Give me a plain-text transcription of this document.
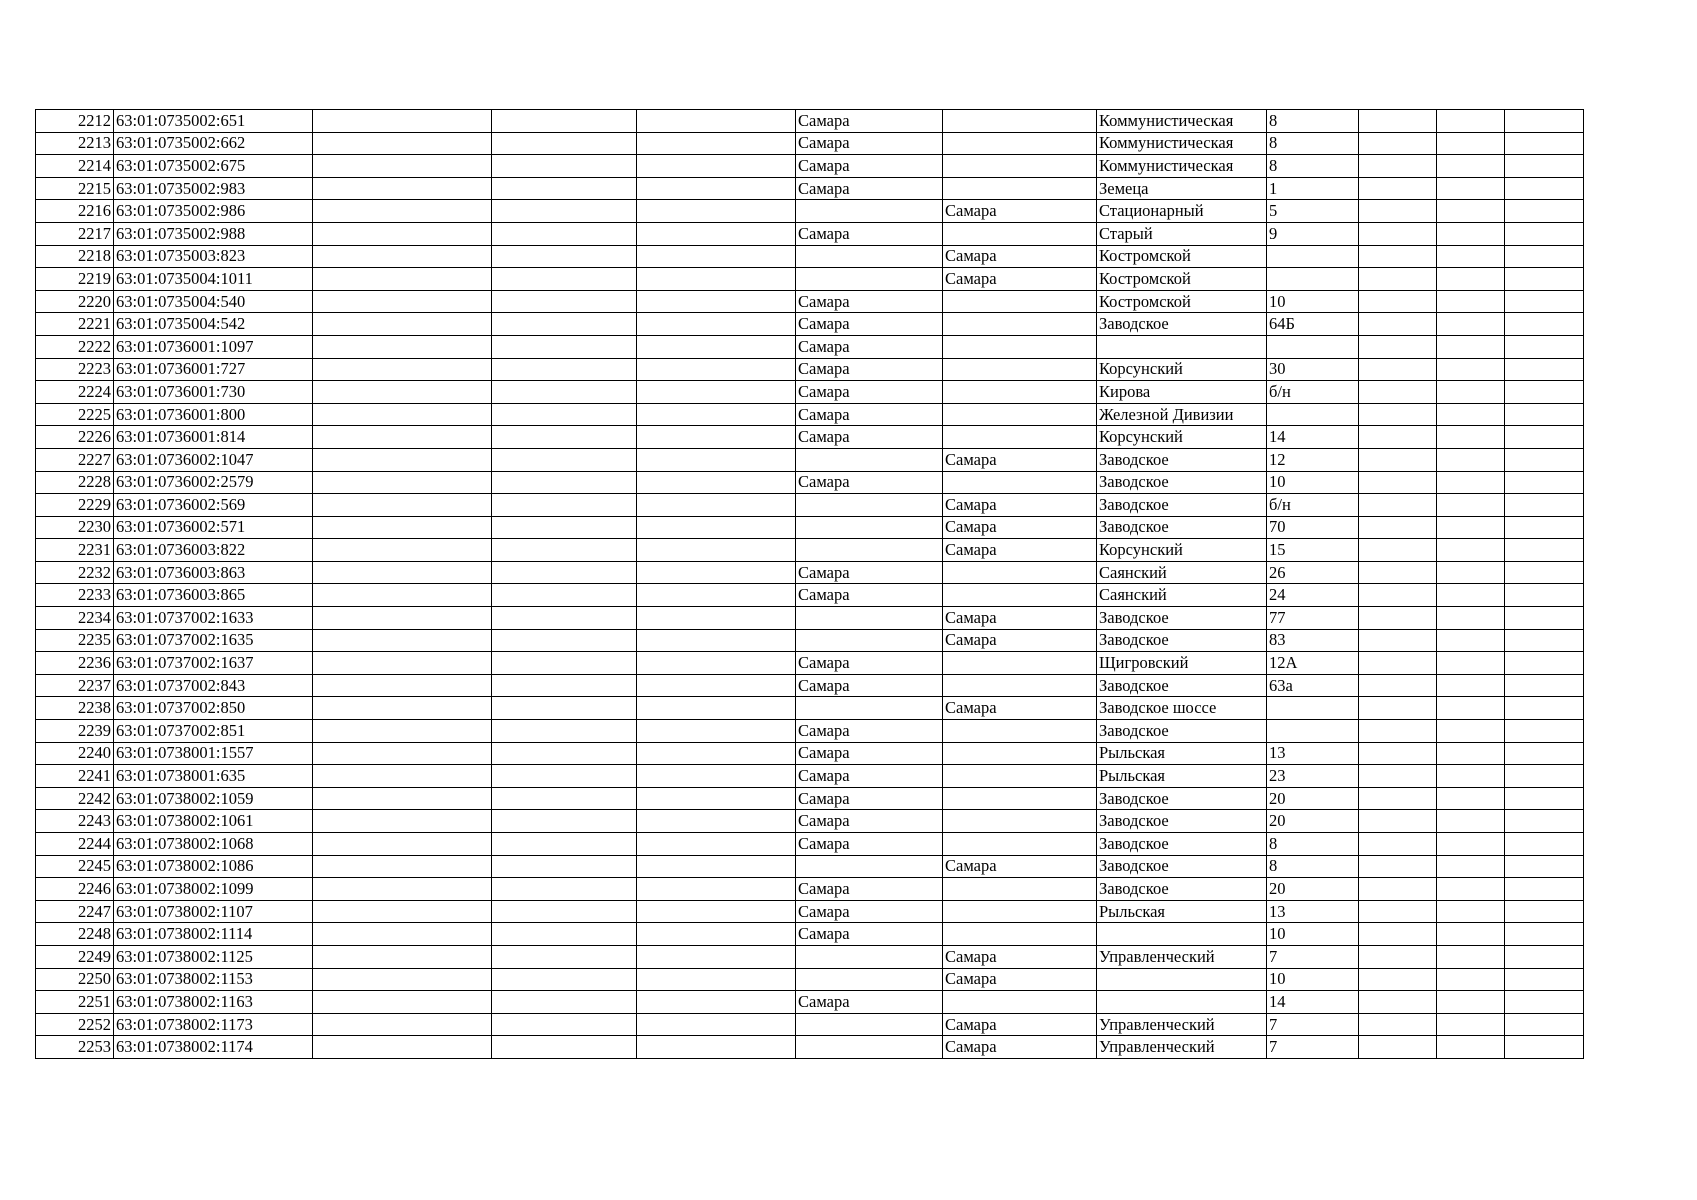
2212	63:01:0735002:651				Самара		Коммунистическая	8			
2213	63:01:0735002:662				Самара		Коммунистическая	8			
2214	63:01:0735002:675				Самара		Коммунистическая	8			
2215	63:01:0735002:983				Самара		Земеца	1			
2216	63:01:0735002:986					Самара	Стационарный	5			
2217	63:01:0735002:988				Самара		Старый	9			
2218	63:01:0735003:823					Самара	Костромской				
2219	63:01:0735004:1011					Самара	Костромской				
2220	63:01:0735004:540				Самара		Костромской	10			
2221	63:01:0735004:542				Самара		Заводское	64Б			
2222	63:01:0736001:1097				Самара						
2223	63:01:0736001:727				Самара		Корсунский	30			
2224	63:01:0736001:730				Самара		Кирова	б/н			
2225	63:01:0736001:800				Самара		Железной Дивизии				
2226	63:01:0736001:814				Самара		Корсунский	14			
2227	63:01:0736002:1047					Самара	Заводское	12			
2228	63:01:0736002:2579				Самара		Заводское	10			
2229	63:01:0736002:569					Самара	Заводское	б/н			
2230	63:01:0736002:571					Самара	Заводское	70			
2231	63:01:0736003:822					Самара	Корсунский	15			
2232	63:01:0736003:863				Самара		Саянский	26			
2233	63:01:0736003:865				Самара		Саянский	24			
2234	63:01:0737002:1633					Самара	Заводское	77			
2235	63:01:0737002:1635					Самара	Заводское	83			
2236	63:01:0737002:1637				Самара		Щигровский	12А			
2237	63:01:0737002:843				Самара		Заводское	63а			
2238	63:01:0737002:850					Самара	Заводское шоссе				
2239	63:01:0737002:851				Самара		Заводское				
2240	63:01:0738001:1557				Самара		Рыльская	13			
2241	63:01:0738001:635				Самара		Рыльская	23			
2242	63:01:0738002:1059				Самара		Заводское	20			
2243	63:01:0738002:1061				Самара		Заводское	20			
2244	63:01:0738002:1068				Самара		Заводское	8			
2245	63:01:0738002:1086					Самара	Заводское	8			
2246	63:01:0738002:1099				Самара		Заводское	20			
2247	63:01:0738002:1107				Самара		Рыльская	13			
2248	63:01:0738002:1114				Самара			10			
2249	63:01:0738002:1125					Самара	Управленческий	7			
2250	63:01:0738002:1153					Самара		10			
2251	63:01:0738002:1163				Самара			14			
2252	63:01:0738002:1173					Самара	Управленческий	7			
2253	63:01:0738002:1174					Самара	Управленческий	7			
